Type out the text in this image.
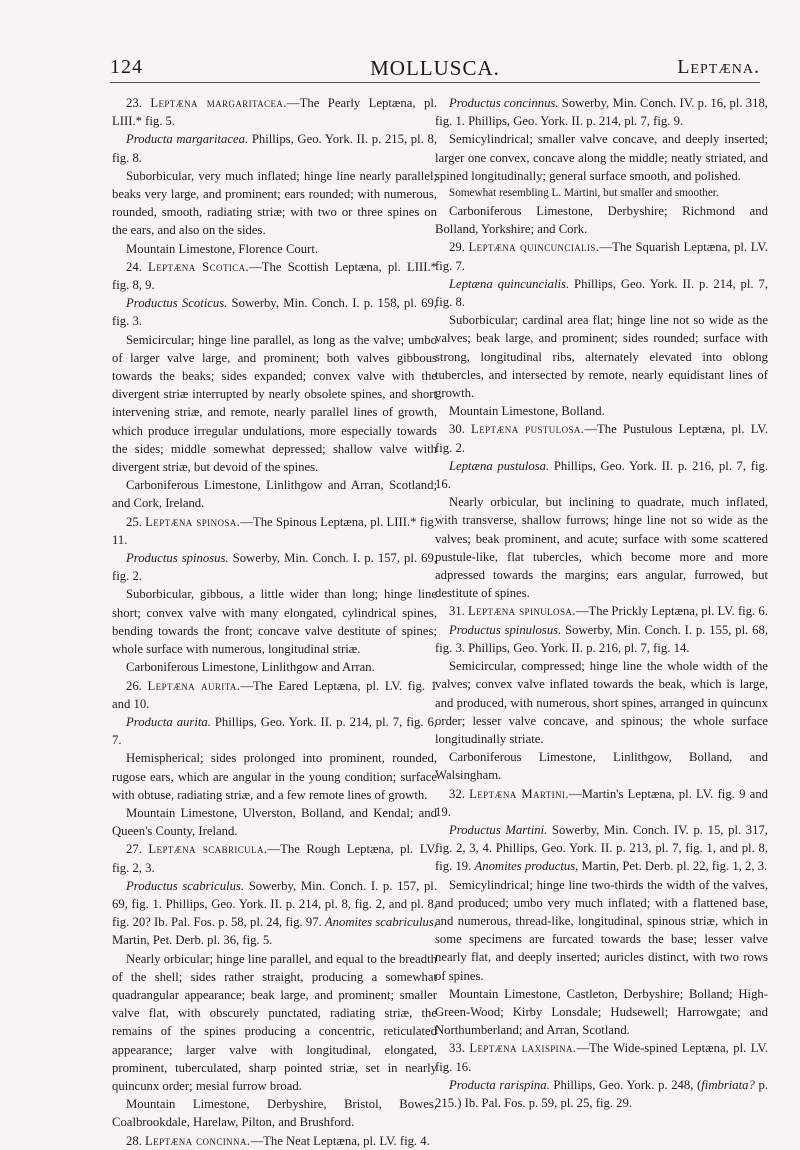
124	MOLLUSCA.	Leptæna.

23. Leptæna margaritacea.—The Pearly Leptæna, pl. LIII.* fig. 5.

Producta margaritacea. Phillips, Geo. York. II. p. 215, pl. 8, fig. 8.

Suborbicular, very much inflated; hinge line nearly parallel; beaks very large, and prominent; ears rounded; with numerous, rounded, smooth, radiating striæ; with two or three spines on the ears, and also on the sides.

Mountain Limestone, Florence Court.

24. Leptæna Scotica.—The Scottish Leptæna, pl. LIII.* fig. 8, 9.

Productus Scoticus. Sowerby, Min. Conch. I. p. 158, pl. 69, fig. 3.

Semicircular; hinge line parallel, as long as the valve; umbo of larger valve large, and prominent; both valves gibbous towards the beaks; sides expanded; convex valve with the divergent striæ interrupted by nearly obsolete spines, and short intervening striæ, and remote, nearly parallel lines of growth, which produce irregular undulations, more especially towards the sides; middle somewhat depressed; shallow valve with divergent striæ, but devoid of the spines.

Carboniferous Limestone, Linlithgow and Arran, Scotland; and Cork, Ireland.

25. Leptæna spinosa.—The Spinous Leptæna, pl. LIII.* fig. 11.

Productus spinosus. Sowerby, Min. Conch. I. p. 157, pl. 69, fig. 2.

Suborbicular, gibbous, a little wider than long; hinge line short; convex valve with many elongated, cylindrical spines, bending towards the front; concave valve destitute of spines; whole surface with numerous, longitudinal striæ.

Carboniferous Limestone, Linlithgow and Arran.

26. Leptæna aurita.—The Eared Leptæna, pl. LV. fig. 1 and 10.

Producta aurita. Phillips, Geo. York. II. p. 214, pl. 7, fig. 6, 7.

Hemispherical; sides prolonged into prominent, rounded, rugose ears, which are angular in the young condition; surface with obtuse, radiating striæ, and a few remote lines of growth.

Mountain Limestone, Ulverston, Bolland, and Kendal; and Queen's County, Ireland.

27. Leptæna scabricula.—The Rough Leptæna, pl. LV. fig. 2, 3.

Productus scabriculus. Sowerby, Min. Conch. I. p. 157, pl. 69, fig. 1. Phillips, Geo. York. II. p. 214, pl. 8, fig. 2, and pl. 8, fig. 20? Ib. Pal. Fos. p. 58, pl. 24, fig. 97. Anomites scabriculus, Martin, Pet. Derb. pl. 36, fig. 5.

Nearly orbicular; hinge line parallel, and equal to the breadth of the shell; sides rather straight, producing a somewhat quadrangular appearance; beak large, and prominent; smaller valve flat, with obscurely punctated, radiating striæ, the remains of the spines producing a concentric, reticulated appearance; larger valve with longitudinal, elongated, prominent, tuberculated, sharp pointed striæ, set in nearly quincunx order; mesial furrow broad.

Mountain Limestone, Derbyshire, Bristol, Bowes, Coalbrookdale, Harelaw, Pilton, and Brushford.

28. Leptæna concinna.—The Neat Leptæna, pl. LV. fig. 4.

Productus concinnus. Sowerby, Min. Conch. IV. p. 16, pl. 318, fig. 1. Phillips, Geo. York. II. p. 214, pl. 7, fig. 9.

Semicylindrical; smaller valve concave, and deeply inserted; larger one convex, concave along the middle; neatly striated, and spined longitudinally; general surface smooth, and polished.

Somewhat resembling L. Martini, but smaller and smoother.

Carboniferous Limestone, Derbyshire; Richmond and Bolland, Yorkshire; and Cork.

29. Leptæna quincuncialis.—The Squarish Leptæna, pl. LV. fig. 7.

Leptæna quincuncialis. Phillips, Geo. York. II. p. 214, pl. 7, fig. 8.

Suborbicular; cardinal area flat; hinge line not so wide as the valves; beak large, and prominent; sides rounded; surface with strong, longitudinal ribs, alternately elevated into oblong tubercles, and intersected by remote, nearly equidistant lines of growth.

Mountain Limestone, Bolland.

30. Leptæna pustulosa.—The Pustulous Leptæna, pl. LV. fig. 2.

Leptæna pustulosa. Phillips, Geo. York. II. p. 216, pl. 7, fig. 16.

Nearly orbicular, but inclining to quadrate, much inflated, with transverse, shallow furrows; hinge line not so wide as the valves; beak prominent, and acute; surface with some scattered pustule-like, flat tubercles, which become more and more adpressed towards the margins; ears angular, furrowed, but destitute of spines.

31. Leptæna spinulosa.—The Prickly Leptæna, pl. LV. fig. 6.

Productus spinulosus. Sowerby, Min. Conch. I. p. 155, pl. 68, fig. 3. Phillips, Geo. York. II. p. 216, pl. 7, fig. 14.

Semicircular, compressed; hinge line the whole width of the valves; convex valve inflated towards the beak, which is large, and produced, with numerous, short spines, arranged in quincunx order; lesser valve concave, and spinous; the whole surface longitudinally striate.

Carboniferous Limestone, Linlithgow, Bolland, and Walsingham.

32. Leptæna Martini.—Martin's Leptæna, pl. LV. fig. 9 and 19.

Productus Martini. Sowerby, Min. Conch. IV. p. 15, pl. 317, fig. 2, 3, 4. Phillips, Geo. York. II. p. 213, pl. 7, fig. 1, and pl. 8, fig. 19. Anomites productus, Martin, Pet. Derb. pl. 22, fig. 1, 2, 3.

Semicylindrical; hinge line two-thirds the width of the valves, and produced; umbo very much inflated; with a flattened base, and numerous, thread-like, longitudinal, spinous striæ, which in some specimens are furcated towards the base; lesser valve nearly flat, and deeply inserted; auricles distinct, with two rows of spines.

Mountain Limestone, Castleton, Derbyshire; Bolland; High-Green-Wood; Kirby Lonsdale; Hudsewell; Harrowgate; and Northumberland; and Arran, Scotland.

33. Leptæna laxispina.—The Wide-spined Leptæna, pl. LV. fig. 16.

Producta rarispina. Phillips, Geo. York. p. 248, (fimbriata? p. 215.) Ib. Pal. Fos. p. 59, pl. 25, fig. 29.
